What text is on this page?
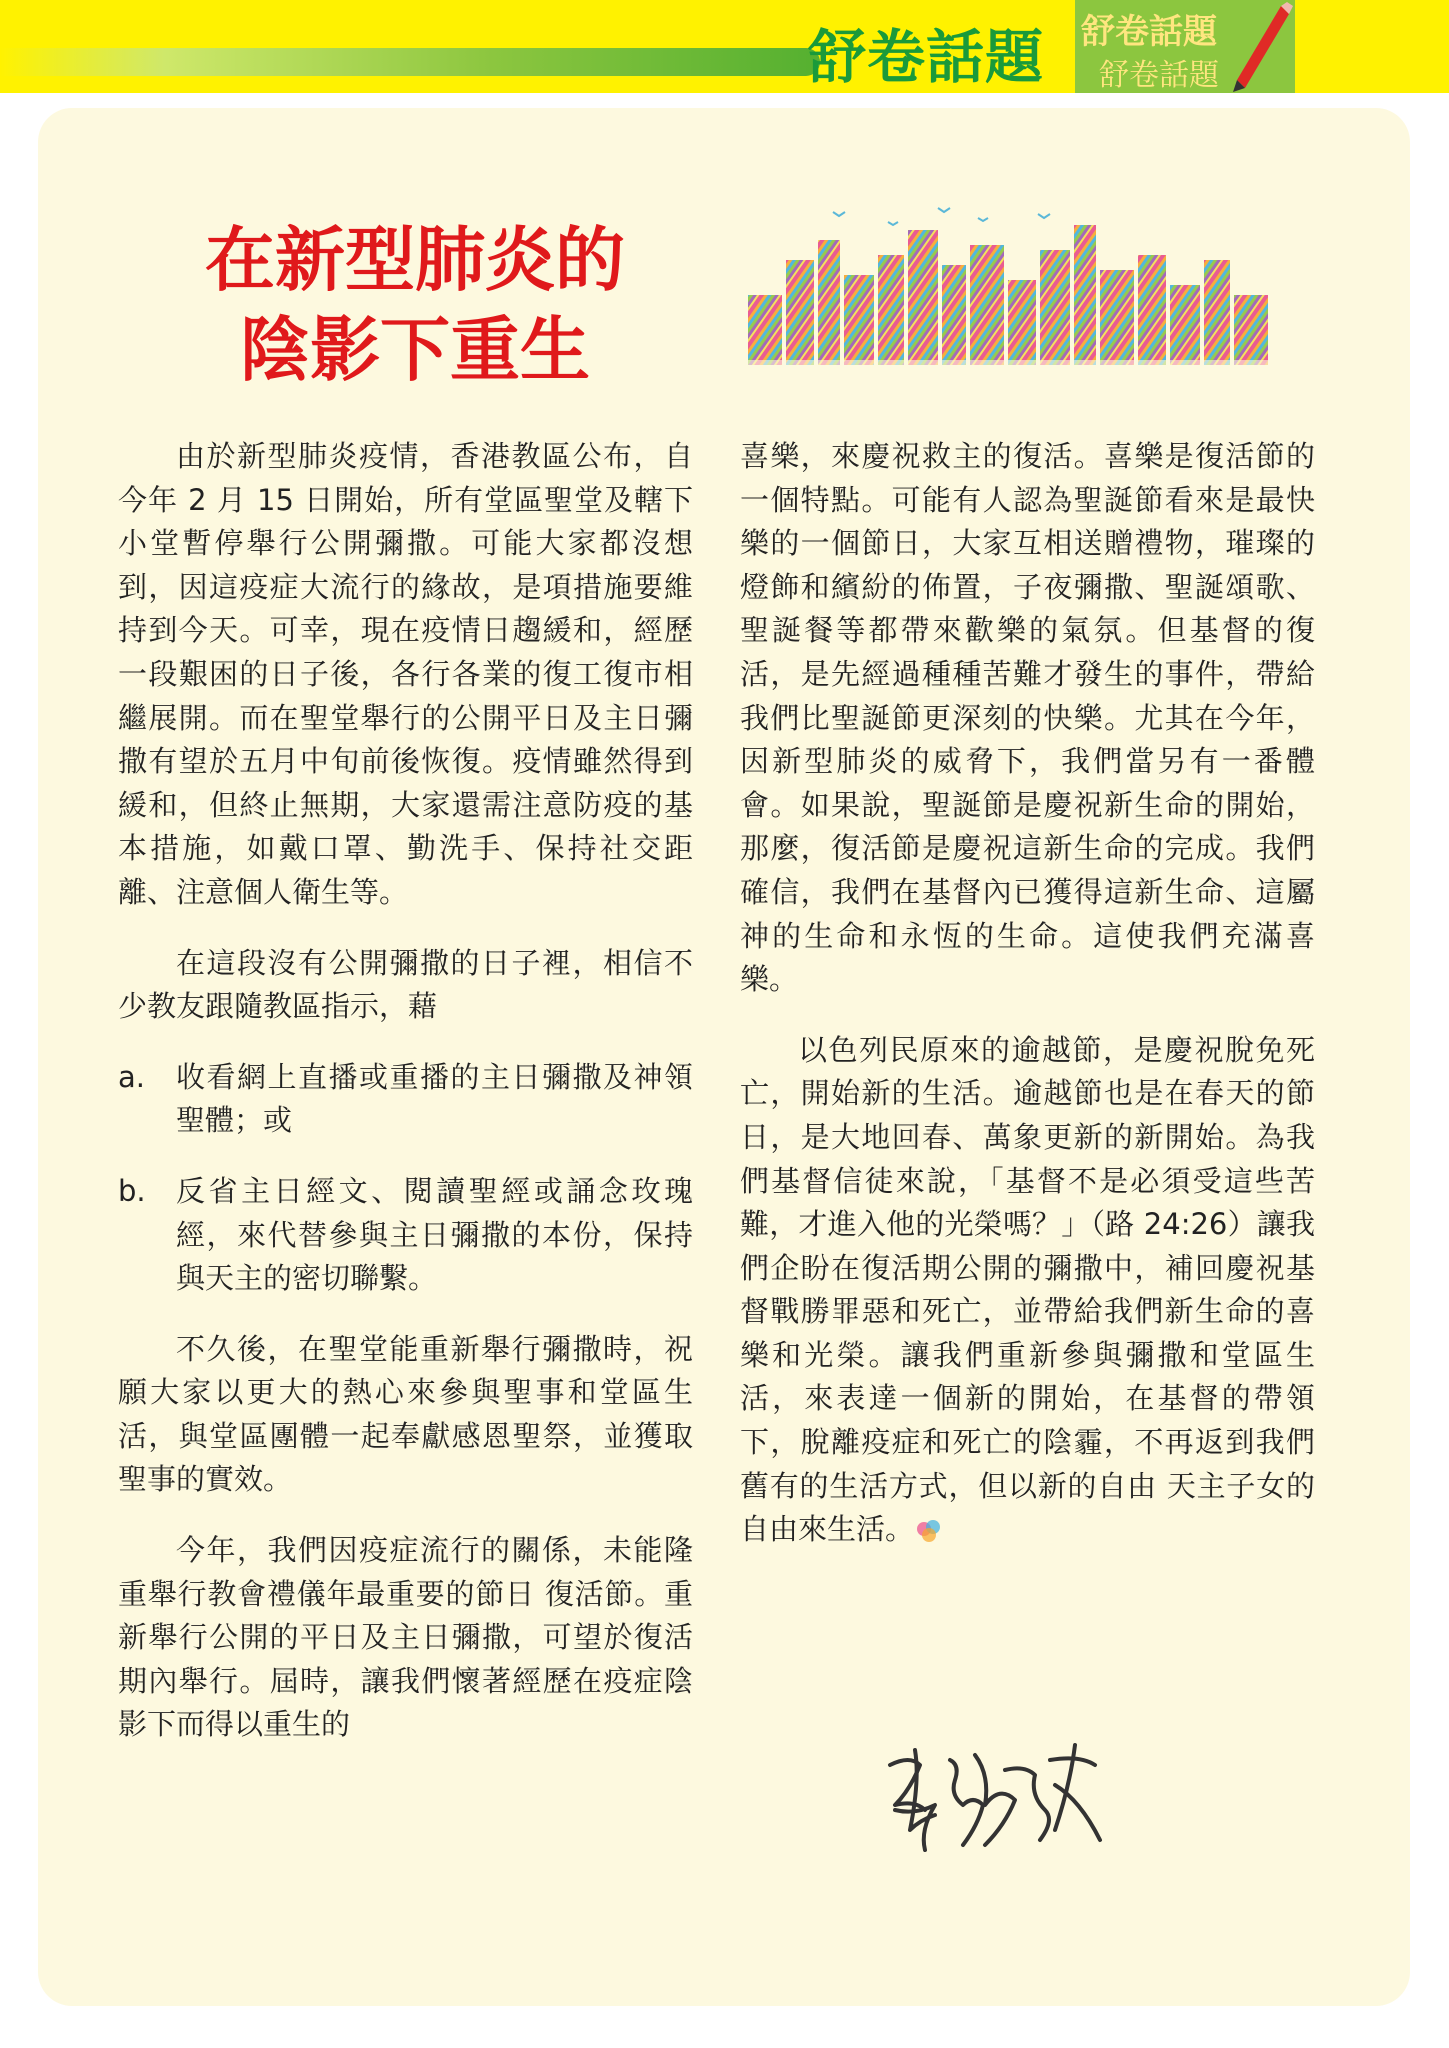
舒卷話題 舒卷話題
舒卷話題
在新型肺炎的
陰影下重生

由於新型肺炎疫情，香港教區公布，自今年 2 月 15 日開始，所有堂區聖堂及轄下小堂暫停舉行公開彌撒。可能大家都沒想到，因這疫症大流行的緣故，是項措施要維持到今天。可幸，現在疫情日趨緩和，經歷一段艱困的日子後，各行各業的復工復市相繼展開。而在聖堂舉行的公開平日及主日彌撒有望於五月中旬前後恢復。疫情雖然得到緩和，但終止無期，大家還需注意防疫的基本措施，如戴口罩、勤洗手、保持社交距離、注意個人衛生等。

在這段沒有公開彌撒的日子裡，相信不少教友跟隨教區指示，藉

a. 收看網上直播或重播的主日彌撒及神領聖體；或
b. 反省主日經文、閱讀聖經或誦念玫瑰經，來代替參與主日彌撒的本份，保持與天主的密切聯繫。

不久後，在聖堂能重新舉行彌撒時，祝願大家以更大的熱心來參與聖事和堂區生活，與堂區團體一起奉獻感恩聖祭，並獲取聖事的實效。

今年，我們因疫症流行的關係，未能隆重舉行教會禮儀年最重要的節日 復活節。重新舉行公開的平日及主日彌撒，可望於復活期內舉行。屆時，讓我們懷著經歷在疫症陰影下而得以重生的

喜樂，來慶祝救主的復活。喜樂是復活節的一個特點。可能有人認為聖誕節看來是最快樂的一個節日，大家互相送贈禮物，璀璨的燈飾和繽紛的佈置，子夜彌撒、聖誕頌歌、聖誕餐等都帶來歡樂的氣氛。但基督的復活，是先經過種種苦難才發生的事件，帶給我們比聖誕節更深刻的快樂。尤其在今年，因新型肺炎的威脅下，我們當另有一番體會。如果說，聖誕節是慶祝新生命的開始，那麼，復活節是慶祝這新生命的完成。我們確信，我們在基督內已獲得這新生命、這屬神的生命和永恆的生命。這使我們充滿喜樂。

以色列民原來的逾越節，是慶祝脫免死亡，開始新的生活。逾越節也是在春天的節日，是大地回春、萬象更新的新開始。為我們基督信徒來說，「基督不是必須受這些苦難，才進入他的光榮嗎？」（路 24:26）讓我們企盼在復活期公開的彌撒中，補回慶祝基督戰勝罪惡和死亡，並帶給我們新生命的喜樂和光榮。讓我們重新參與彌撒和堂區生活，來表達一個新的開始，在基督的帶領下，脫離疫症和死亡的陰霾，不再返到我們舊有的生活方式，但以新的自由 天主子女的自由來生活。
